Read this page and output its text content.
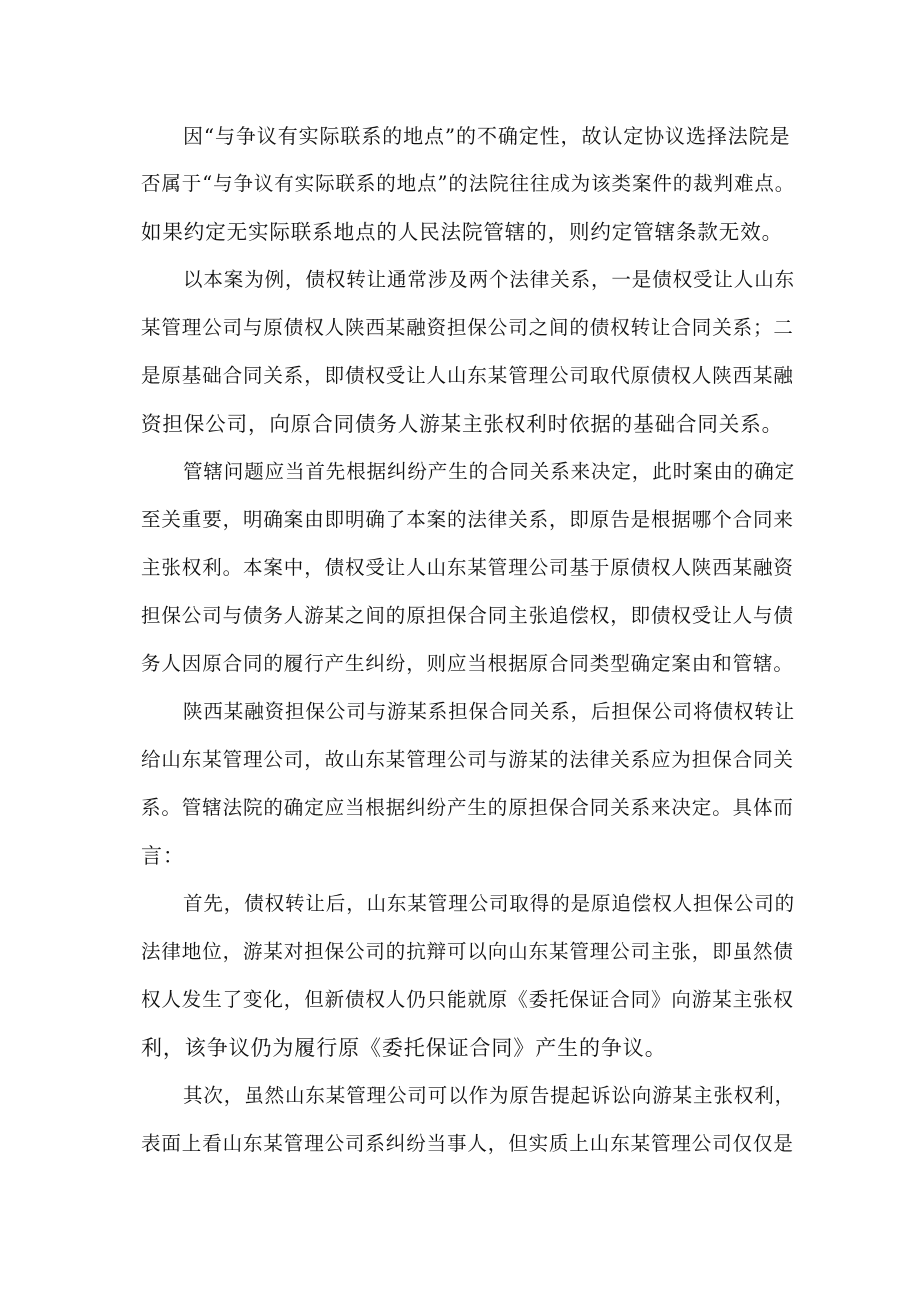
因“与争议有实际联系的地点”的不确定性，故认定协议选择法院是
否属于“与争议有实际联系的地点”的法院往往成为该类案件的裁判难点。
如果约定无实际联系地点的人民法院管辖的，则约定管辖条款无效。
以本案为例，债权转让通常涉及两个法律关系，一是债权受让人山东
某管理公司与原债权人陕西某融资担保公司之间的债权转让合同关系；二
是原基础合同关系，即债权受让人山东某管理公司取代原债权人陕西某融
资担保公司，向原合同债务人游某主张权利时依据的基础合同关系。
管辖问题应当首先根据纠纷产生的合同关系来决定，此时案由的确定
至关重要，明确案由即明确了本案的法律关系，即原告是根据哪个合同来
主张权利。本案中，债权受让人山东某管理公司基于原债权人陕西某融资
担保公司与债务人游某之间的原担保合同主张追偿权，即债权受让人与债
务人因原合同的履行产生纠纷，则应当根据原合同类型确定案由和管辖。
陕西某融资担保公司与游某系担保合同关系，后担保公司将债权转让
给山东某管理公司，故山东某管理公司与游某的法律关系应为担保合同关
系。管辖法院的确定应当根据纠纷产生的原担保合同关系来决定。具体而
言：
首先，债权转让后，山东某管理公司取得的是原追偿权人担保公司的
法律地位，游某对担保公司的抗辩可以向山东某管理公司主张，即虽然债
权人发生了变化，但新债权人仍只能就原《委托保证合同》向游某主张权
利，该争议仍为履行原《委托保证合同》产生的争议。
其次，虽然山东某管理公司可以作为原告提起诉讼向游某主张权利，
表面上看山东某管理公司系纠纷当事人，但实质上山东某管理公司仅仅是
